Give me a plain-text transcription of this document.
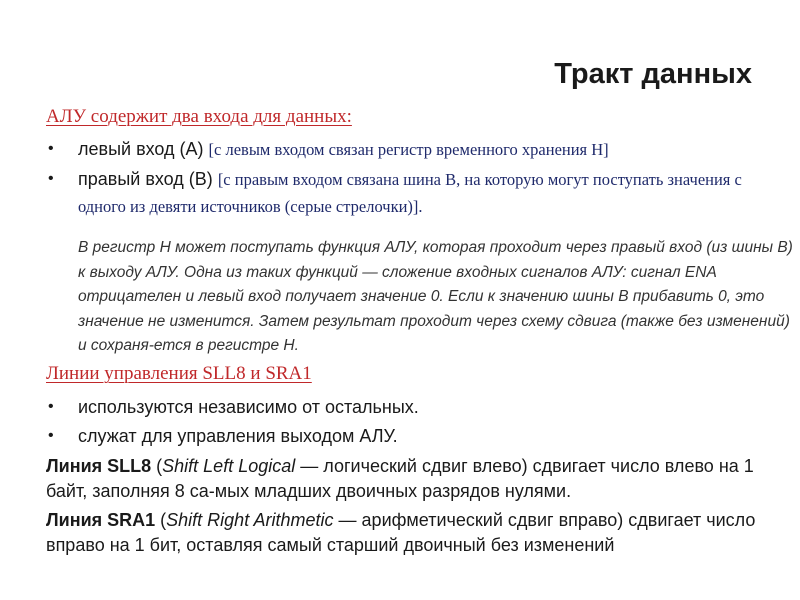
Тракт данных
АЛУ содержит два входа для данных:
• левый вход (A) [с левым входом связан регистр временного хранения H]
• правый вход (B) [с правым входом связана шина B, на которую могут поступать значения с одного из девяти источников (серые стрелочки)].
В регистр H может поступать функция АЛУ, которая проходит через правый вход (из шины B) к выходу АЛУ. Одна из таких функций — сложение входных сигналов АЛУ: сигнал ENA отрицателен и левый вход получает значение 0. Если к значению шины B прибавить 0, это значение не изменится. Затем результат проходит через схему сдвига (также без изменений) и сохраня-ется в регистре H.
Линии управления SLL8 и SRA1
• используются независимо от остальных.
• служат для управления выходом АЛУ.
Линия SLL8 (Shift Left Logical — логический сдвиг влево) сдвигает число влево на 1 байт, заполняя 8 са-мых младших двоичных разрядов нулями.
Линия SRA1 (Shift Right Arithmetic — арифметический сдвиг вправо) сдвигает число вправо на 1 бит, оставляя самый старший двоичный без изменений
